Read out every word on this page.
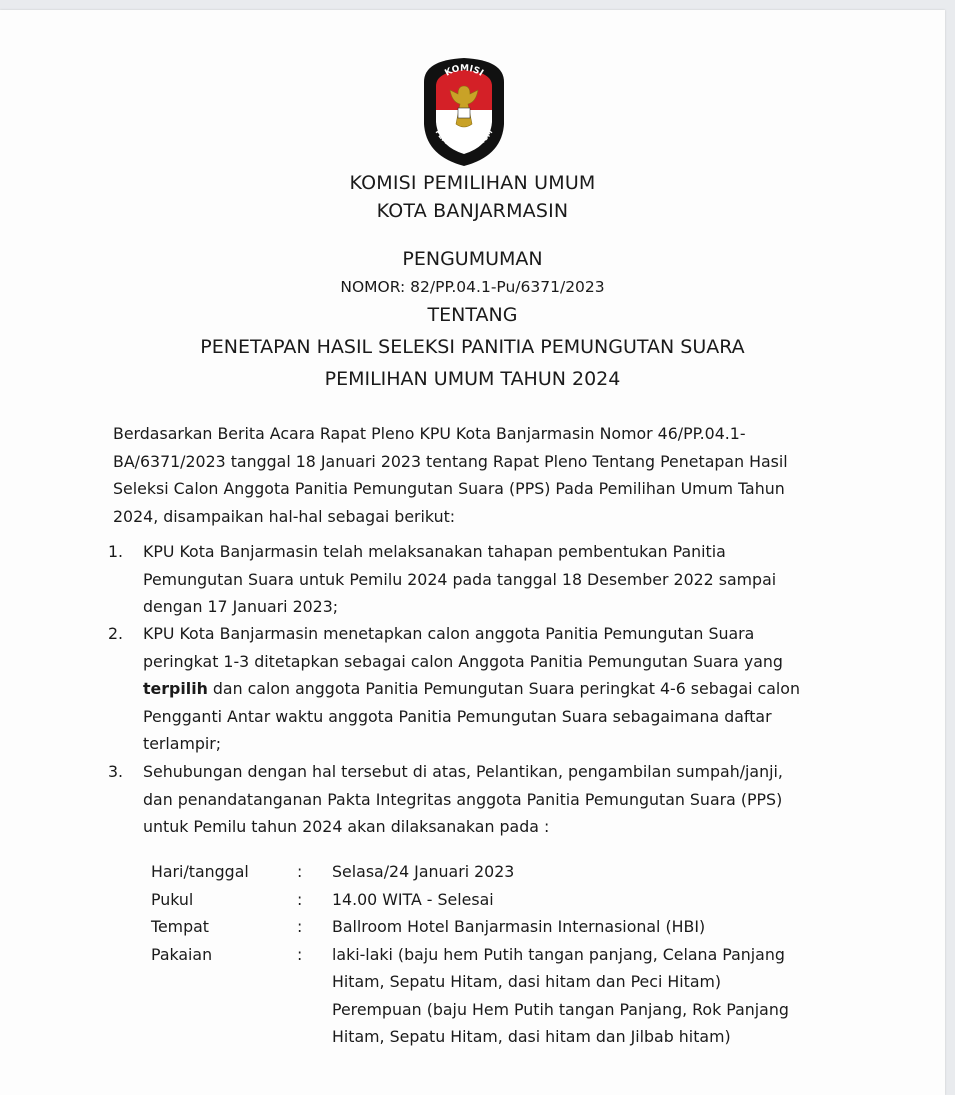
KOMISI
PEMILIHAN UMUM
KOMISI PEMILIHAN UMUM
KOTA BANJARMASIN
PENGUMUMAN
NOMOR: 82/PP.04.1-Pu/6371/2023
TENTANG
PENETAPAN HASIL SELEKSI PANITIA PEMUNGUTAN SUARA
PEMILIHAN UMUM TAHUN 2024
Berdasarkan Berita Acara Rapat Pleno KPU Kota Banjarmasin Nomor 46/PP.04.1-
BA/6371/2023 tanggal 18 Januari 2023 tentang Rapat Pleno Tentang Penetapan Hasil
Seleksi Calon Anggota Panitia Pemungutan Suara (PPS) Pada Pemilihan Umum Tahun
2024, disampaikan hal-hal sebagai berikut:
1.	KPU Kota Banjarmasin telah melaksanakan tahapan pembentukan Panitia
Pemungutan Suara untuk Pemilu 2024 pada tanggal 18 Desember 2022 sampai
dengan 17 Januari 2023;
2.	KPU Kota Banjarmasin menetapkan calon anggota Panitia Pemungutan Suara
peringkat 1-3 ditetapkan sebagai calon Anggota Panitia Pemungutan Suara yang
terpilih dan calon anggota Panitia Pemungutan Suara peringkat 4-6 sebagai calon
Pengganti Antar waktu anggota Panitia Pemungutan Suara sebagaimana daftar
terlampir;
3.	Sehubungan dengan hal tersebut di atas, Pelantikan, pengambilan sumpah/janji,
dan penandatanganan Pakta Integritas anggota Panitia Pemungutan Suara (PPS)
untuk Pemilu tahun 2024 akan dilaksanakan pada :
Hari/tanggal	: Selasa/24 Januari 2023
Pukul	: 14.00 WITA - Selesai
Tempat	: Ballroom Hotel Banjarmasin Internasional (HBI)
Pakaian	: laki-laki (baju hem Putih tangan panjang, Celana Panjang
Hitam, Sepatu Hitam, dasi hitam dan Peci Hitam)
Perempuan (baju Hem Putih tangan Panjang, Rok Panjang
Hitam, Sepatu Hitam, dasi hitam dan Jilbab hitam)
